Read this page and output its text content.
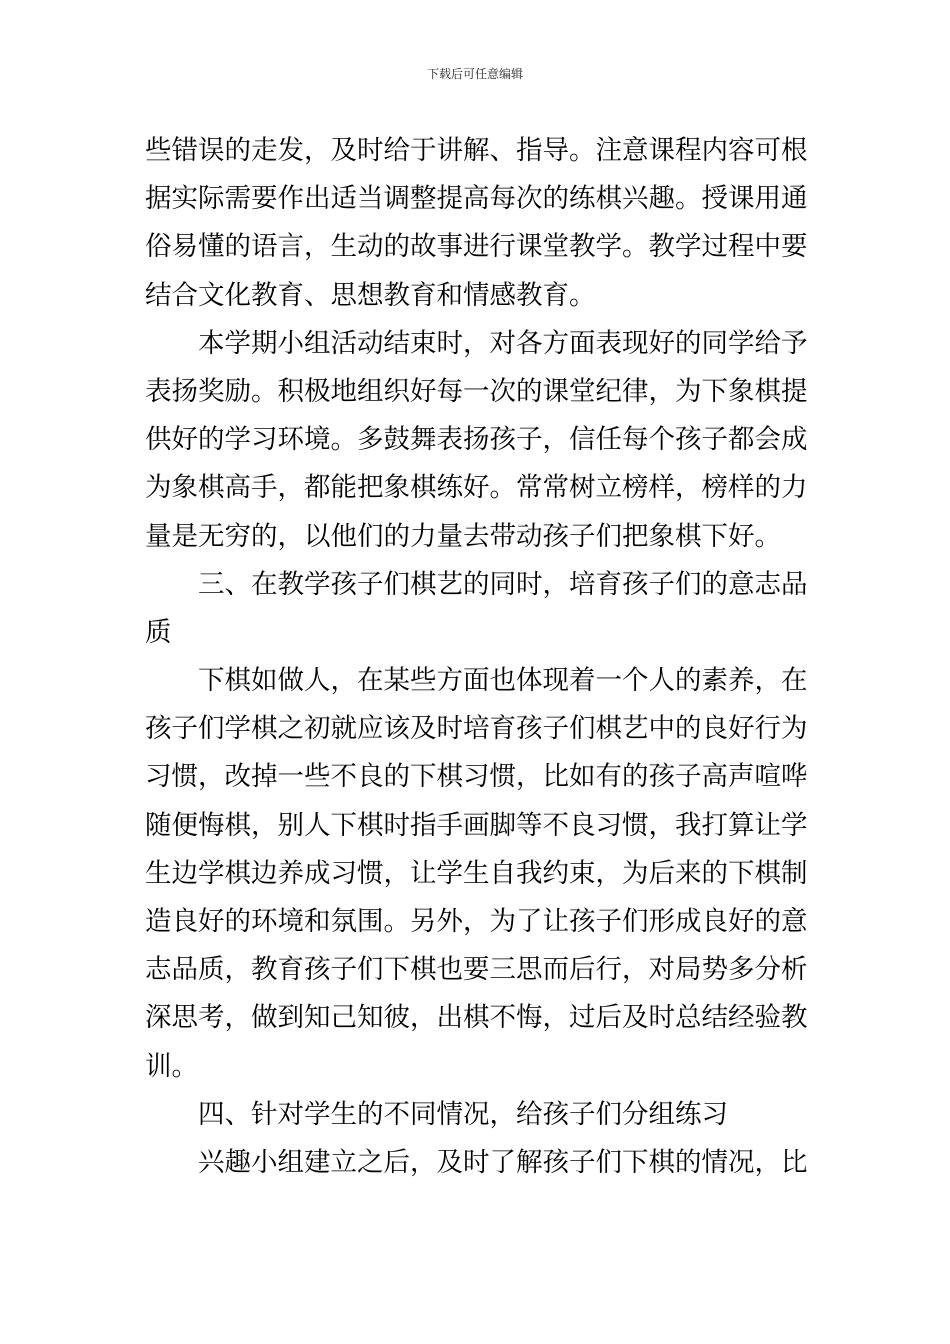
下载后可任意编辑
些错误的走发，及时给于讲解、指导。注意课程内容可根
据实际需要作出适当调整提高每次的练棋兴趣。授课用通
俗易懂的语言，生动的故事进行课堂教学。教学过程中要
结合文化教育、思想教育和情感教育。
本学期小组活动结束时，对各方面表现好的同学给予
表扬奖励。积极地组织好每一次的课堂纪律，为下象棋提
供好的学习环境。多鼓舞表扬孩子，信任每个孩子都会成
为象棋高手，都能把象棋练好。常常树立榜样，榜样的力
量是无穷的，以他们的力量去带动孩子们把象棋下好。
三、在教学孩子们棋艺的同时，培育孩子们的意志品
质
下棋如做人，在某些方面也体现着一个人的素养，在
孩子们学棋之初就应该及时培育孩子们棋艺中的良好行为
习惯，改掉一些不良的下棋习惯，比如有的孩子高声喧哗
随便悔棋，别人下棋时指手画脚等不良习惯，我打算让学
生边学棋边养成习惯，让学生自我约束，为后来的下棋制
造良好的环境和氛围。另外，为了让孩子们形成良好的意
志品质，教育孩子们下棋也要三思而后行，对局势多分析
深思考，做到知己知彼，出棋不悔，过后及时总结经验教
训。
四、针对学生的不同情况，给孩子们分组练习
兴趣小组建立之后，及时了解孩子们下棋的情况，比
